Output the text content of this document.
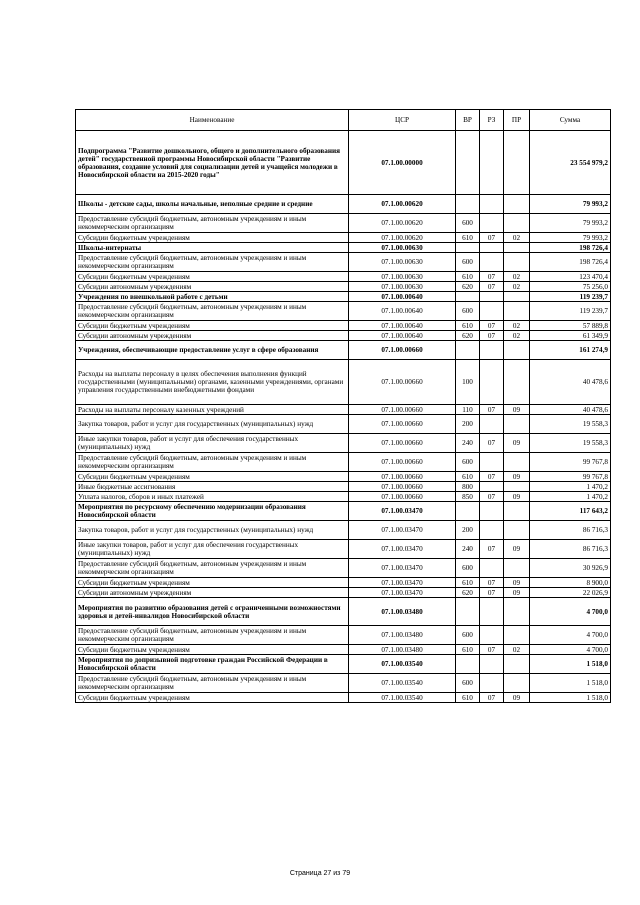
Наименование	ЦСР	ВР	РЗ	ПР	Сумма
Подпрограмма "Развитие дошкольного, общего и дополнительного образования детей" государственной программы Новосибирской области "Развитие образования, создание условий для социализации детей и учащейся молодежи в Новосибирской области на 2015-2020 годы"	07.1.00.00000				23 554 979,2
Школы - детские сады, школы начальные, неполные средние и средние	07.1.00.00620				79 993,2
Предоставление субсидий бюджетным, автономным учреждениям и иным некоммерческим организациям	07.1.00.00620	600			79 993,2
Субсидии бюджетным учреждениям	07.1.00.00620	610	07	02	79 993,2
Школы-интернаты	07.1.00.00630				198 726,4
Предоставление субсидий бюджетным, автономным учреждениям и иным некоммерческим организациям	07.1.00.00630	600			198 726,4
Субсидии бюджетным учреждениям	07.1.00.00630	610	07	02	123 470,4
Субсидии автономным учреждениям	07.1.00.00630	620	07	02	75 256,0
Учреждения по внешкольной работе с детьми	07.1.00.00640				119 239,7
Предоставление субсидий бюджетным, автономным учреждениям и иным некоммерческим организациям	07.1.00.00640	600			119 239,7
Субсидии бюджетным учреждениям	07.1.00.00640	610	07	02	57 889,8
Субсидии автономным учреждениям	07.1.00.00640	620	07	02	61 349,9
Учреждения, обеспечивающие предоставление услуг в сфере образования	07.1.00.00660				161 274,9
Расходы на выплаты персоналу в целях обеспечения выполнения функций государственными (муниципальными) органами, казенными учреждениями, органами управления государственными внебюджетными фондами	07.1.00.00660	100			40 478,6
Расходы на выплаты персоналу казенных учреждений	07.1.00.00660	110	07	09	40 478,6
Закупка товаров, работ и услуг для государственных (муниципальных) нужд	07.1.00.00660	200			19 558,3
Иные закупки товаров, работ и услуг для обеспечения государственных (муниципальных) нужд	07.1.00.00660	240	07	09	19 558,3
Предоставление субсидий бюджетным, автономным учреждениям и иным некоммерческим организациям	07.1.00.00660	600			99 767,8
Субсидии бюджетным учреждениям	07.1.00.00660	610	07	09	99 767,8
Иные бюджетные ассигнования	07.1.00.00660	800			1 470,2
Уплата налогов, сборов и иных платежей	07.1.00.00660	850	07	09	1 470,2
Мероприятия по ресурсному обеспечению модернизации образования Новосибирской области	07.1.00.03470				117 643,2
Закупка товаров, работ и услуг для государственных (муниципальных) нужд	07.1.00.03470	200			86 716,3
Иные закупки товаров, работ и услуг для обеспечения государственных (муниципальных) нужд	07.1.00.03470	240	07	09	86 716,3
Предоставление субсидий бюджетным, автономным учреждениям и иным некоммерческим организациям	07.1.00.03470	600			30 926,9
Субсидии бюджетным учреждениям	07.1.00.03470	610	07	09	8 900,0
Субсидии автономным учреждениям	07.1.00.03470	620	07	09	22 026,9
Мероприятия по развитию образования детей с ограниченными возможностями здоровья и детей-инвалидов Новосибирской области	07.1.00.03480				4 700,0
Предоставление субсидий бюджетным, автономным учреждениям и иным некоммерческим организациям	07.1.00.03480	600			4 700,0
Субсидии бюджетным учреждениям	07.1.00.03480	610	07	02	4 700,0
Мероприятия по допризывной подготовке граждан Российской Федерации в Новосибирской области	07.1.00.03540				1 518,0
Предоставление субсидий бюджетным, автономным учреждениям и иным некоммерческим организациям	07.1.00.03540	600			1 518,0
Субсидии бюджетным учреждениям	07.1.00.03540	610	07	09	1 518,0
Страница 27 из 79
